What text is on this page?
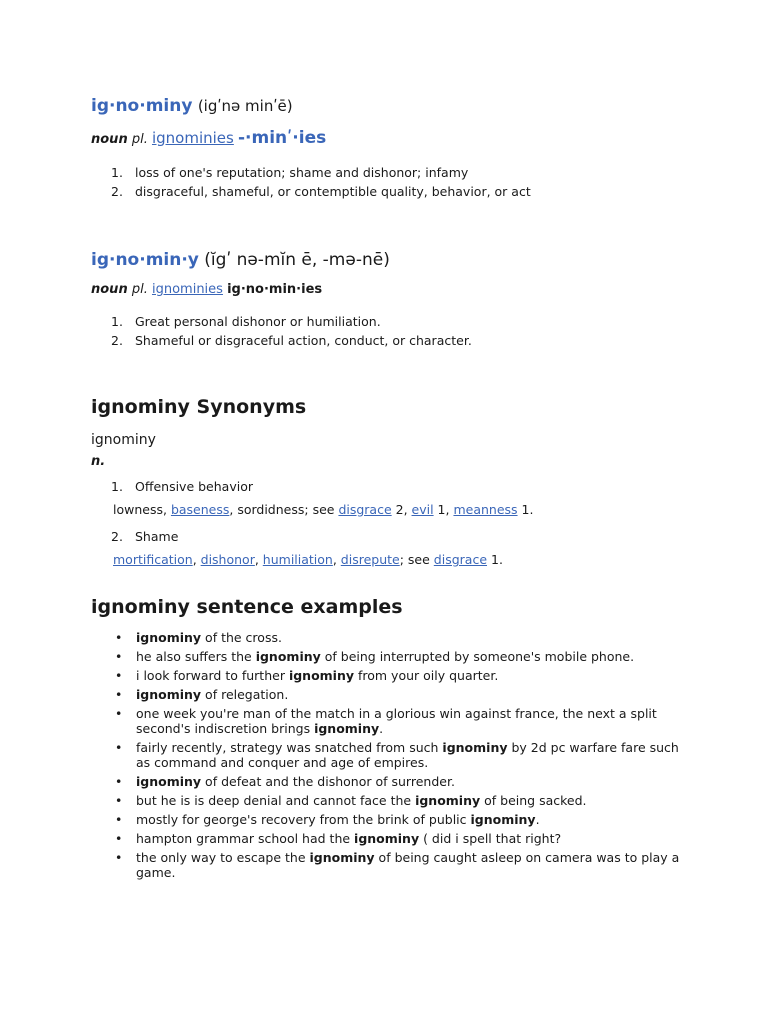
ig·no·miny (igʹnə minʹē)
noun pl. ignominies -·minʹ·ies
1. loss of one's reputation; shame and dishonor; infamy
2. disgraceful, shameful, or contemptible quality, behavior, or act
ig·no·min·y (ĭgʹ nə-mĭn ē, -mə-nē)
noun pl. ignominies ig·no·min·ies
1. Great personal dishonor or humiliation.
2. Shameful or disgraceful action, conduct, or character.
ignominy Synonyms
ignominy
n.
1. Offensive behavior
lowness, baseness, sordidness; see disgrace 2, evil 1, meanness 1.
2. Shame
mortification, dishonor, humiliation, disrepute; see disgrace 1.
ignominy sentence examples
• ignominy of the cross.
• he also suffers the ignominy of being interrupted by someone's mobile phone.
• i look forward to further ignominy from your oily quarter.
• ignominy of relegation.
• one week you're man of the match in a glorious win against france, the next a split second's indiscretion brings ignominy.
• fairly recently, strategy was snatched from such ignominy by 2d pc warfare fare such as command and conquer and age of empires.
• ignominy of defeat and the dishonor of surrender.
• but he is is deep denial and cannot face the ignominy of being sacked.
• mostly for george's recovery from the brink of public ignominy.
• hampton grammar school had the ignominy ( did i spell that right?
• the only way to escape the ignominy of being caught asleep on camera was to play a game.
